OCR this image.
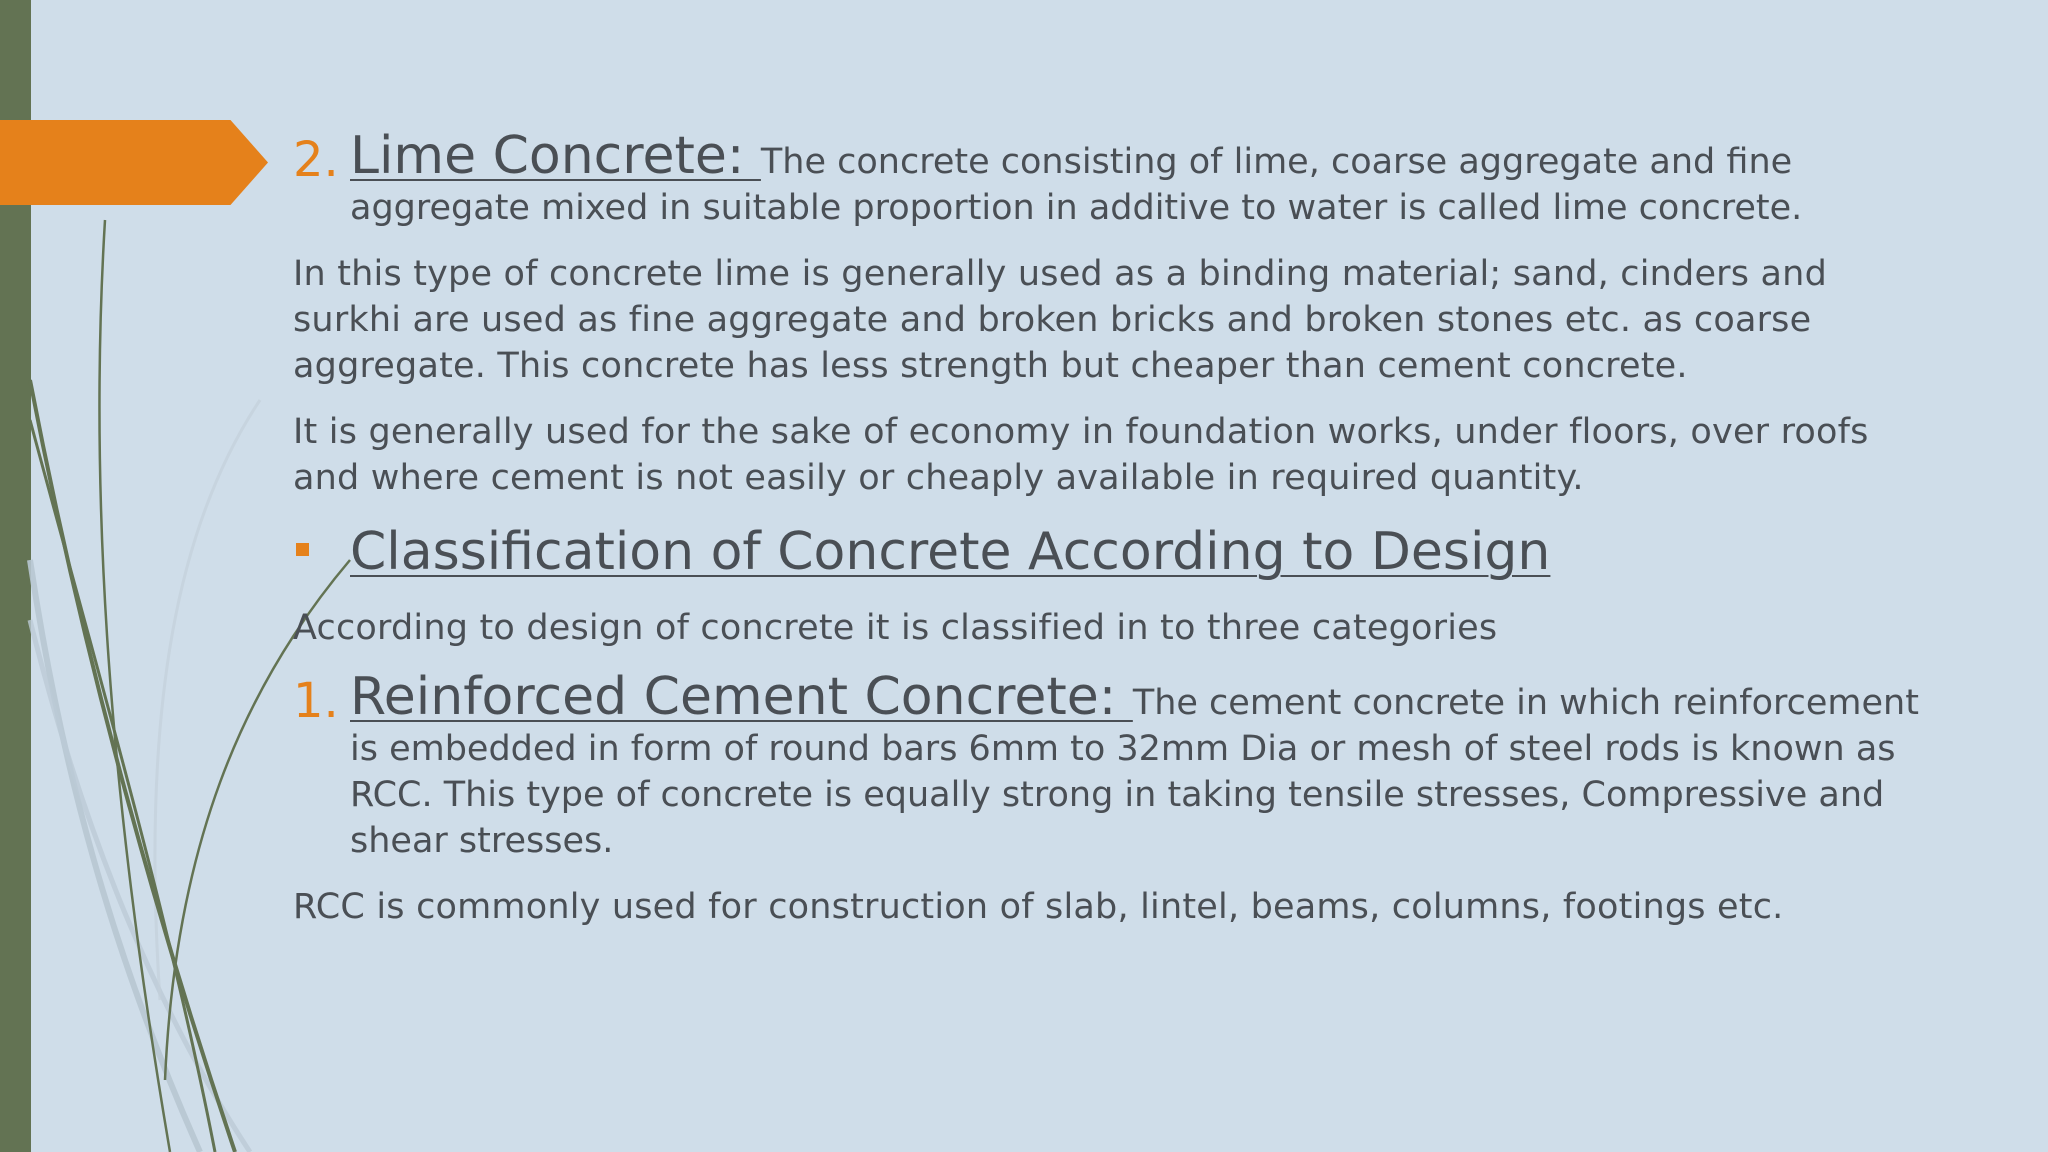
2. Lime Concrete: The concrete consisting of lime, coarse aggregate and fine aggregate mixed in suitable proportion in additive to water is called lime concrete.

In this type of concrete lime is generally used as a binding material; sand, cinders and surkhi are used as fine aggregate and broken bricks and broken stones etc. as coarse aggregate. This concrete has less strength but cheaper than cement concrete.

It is generally used for the sake of economy in foundation works, under floors, over roofs and where cement is not easily or cheaply available in required quantity.

Classification of Concrete According to Design

According to design of concrete it is classified in to three categories

1. Reinforced Cement Concrete: The cement concrete in which reinforcement is embedded in form of round bars 6mm to 32mm Dia or mesh of steel rods is known as RCC. This type of concrete is equally strong in taking tensile stresses, Compressive and shear stresses.

RCC is commonly used for construction of slab, lintel, beams, columns, footings etc.
